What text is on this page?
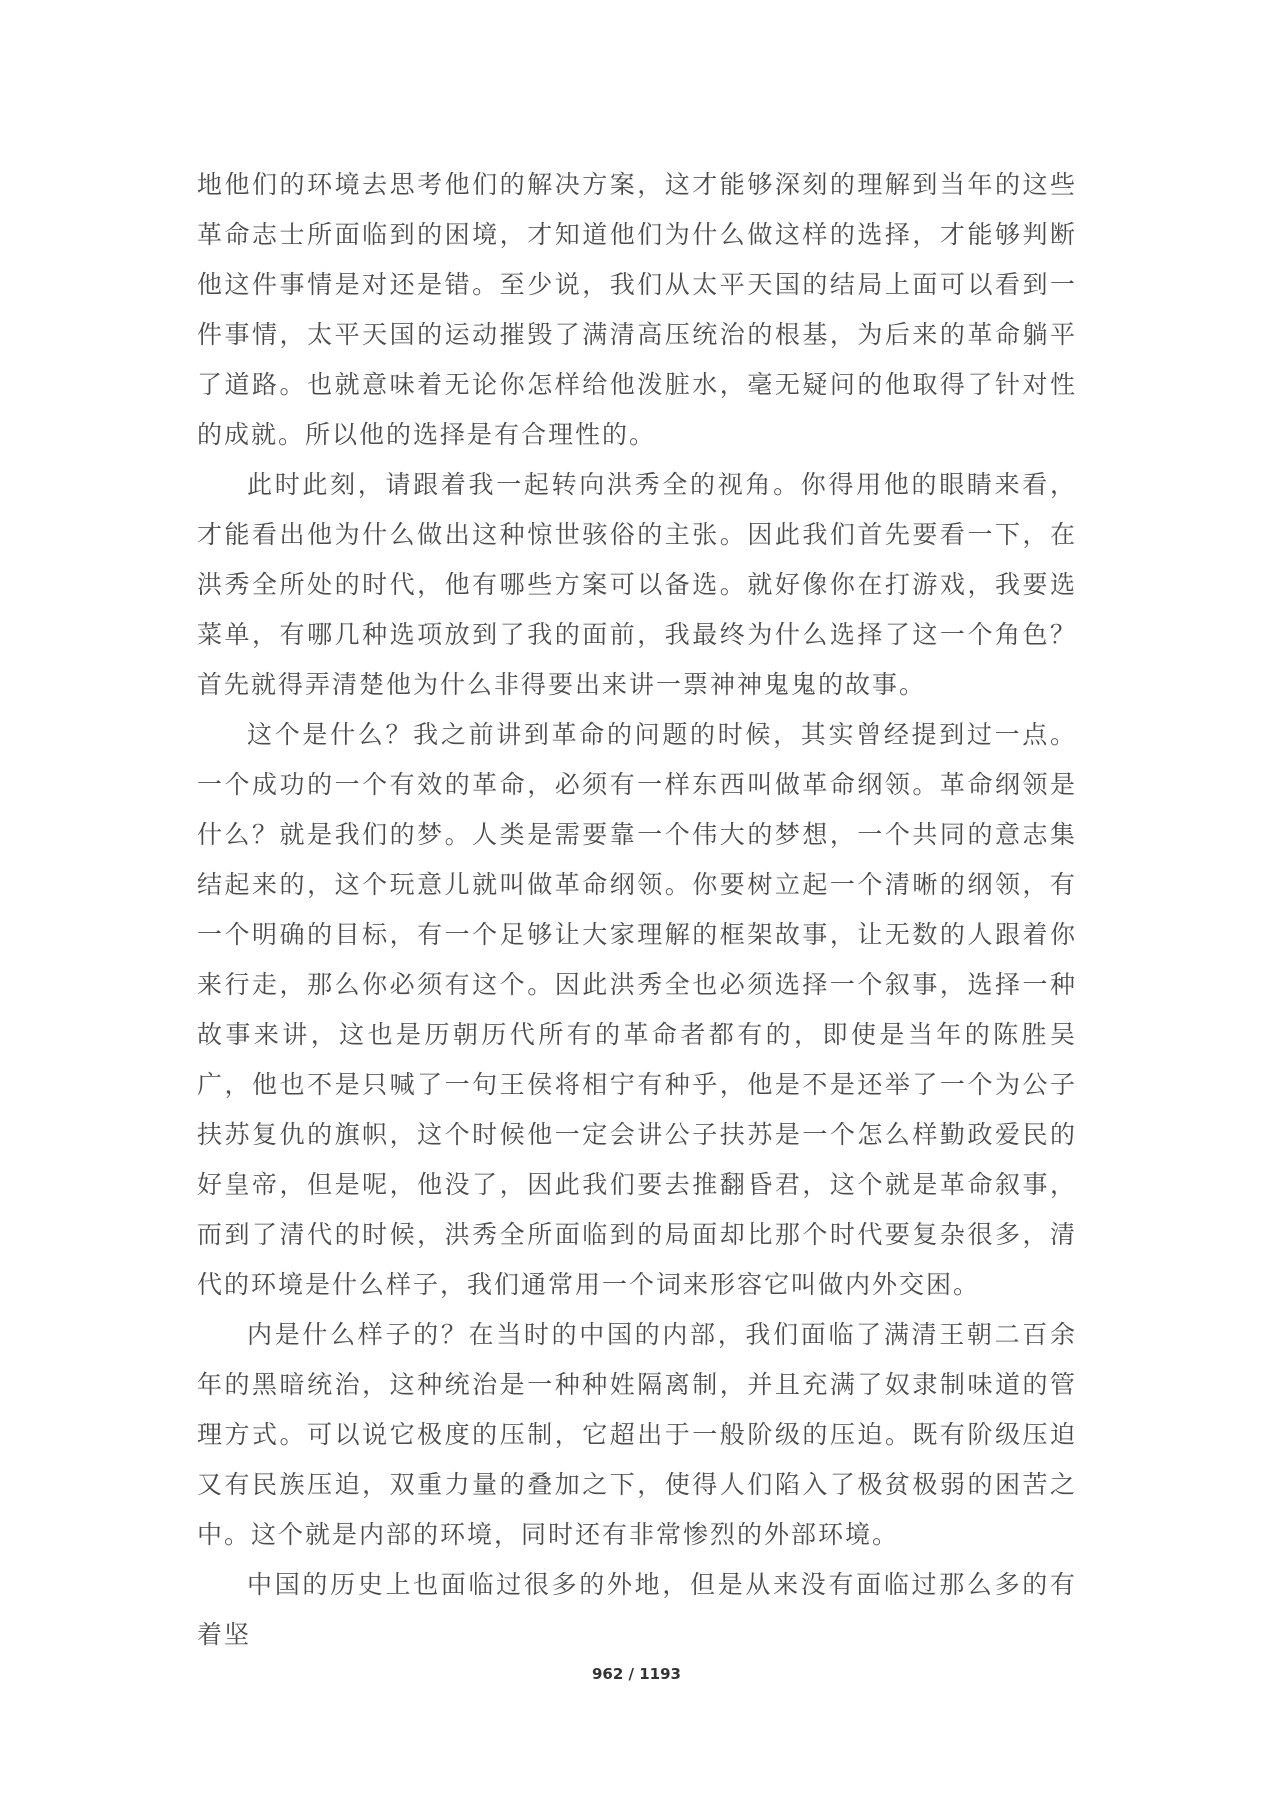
地他们的环境去思考他们的解决方案，这才能够深刻的理解到当年的这些革命志士所面临到的困境，才知道他们为什么做这样的选择，才能够判断他这件事情是对还是错。至少说，我们从太平天国的结局上面可以看到一件事情，太平天国的运动摧毁了满清高压统治的根基，为后来的革命躺平了道路。也就意味着无论你怎样给他泼脏水，毫无疑问的他取得了针对性的成就。所以他的选择是有合理性的。

此时此刻，请跟着我一起转向洪秀全的视角。你得用他的眼睛来看，才能看出他为什么做出这种惊世骇俗的主张。因此我们首先要看一下，在洪秀全所处的时代，他有哪些方案可以备选。就好像你在打游戏，我要选菜单，有哪几种选项放到了我的面前，我最终为什么选择了这一个角色？首先就得弄清楚他为什么非得要出来讲一票神神鬼鬼的故事。

这个是什么？我之前讲到革命的问题的时候，其实曾经提到过一点。一个成功的一个有效的革命，必须有一样东西叫做革命纲领。革命纲领是什么？就是我们的梦。人类是需要靠一个伟大的梦想，一个共同的意志集结起来的，这个玩意儿就叫做革命纲领。你要树立起一个清晰的纲领，有一个明确的目标，有一个足够让大家理解的框架故事，让无数的人跟着你来行走，那么你必须有这个。因此洪秀全也必须选择一个叙事，选择一种故事来讲，这也是历朝历代所有的革命者都有的，即使是当年的陈胜吴广，他也不是只喊了一句王侯将相宁有种乎，他是不是还举了一个为公子扶苏复仇的旗帜，这个时候他一定会讲公子扶苏是一个怎么样勤政爱民的好皇帝，但是呢，他没了，因此我们要去推翻昏君，这个就是革命叙事，而到了清代的时候，洪秀全所面临到的局面却比那个时代要复杂很多，清代的环境是什么样子，我们通常用一个词来形容它叫做内外交困。

内是什么样子的？在当时的中国的内部，我们面临了满清王朝二百余年的黑暗统治，这种统治是一种种姓隔离制，并且充满了奴隶制味道的管理方式。可以说它极度的压制，它超出于一般阶级的压迫。既有阶级压迫又有民族压迫，双重力量的叠加之下，使得人们陷入了极贫极弱的困苦之中。这个就是内部的环境，同时还有非常惨烈的外部环境。

中国的历史上也面临过很多的外地，但是从来没有面临过那么多的有着坚

962 / 1193
